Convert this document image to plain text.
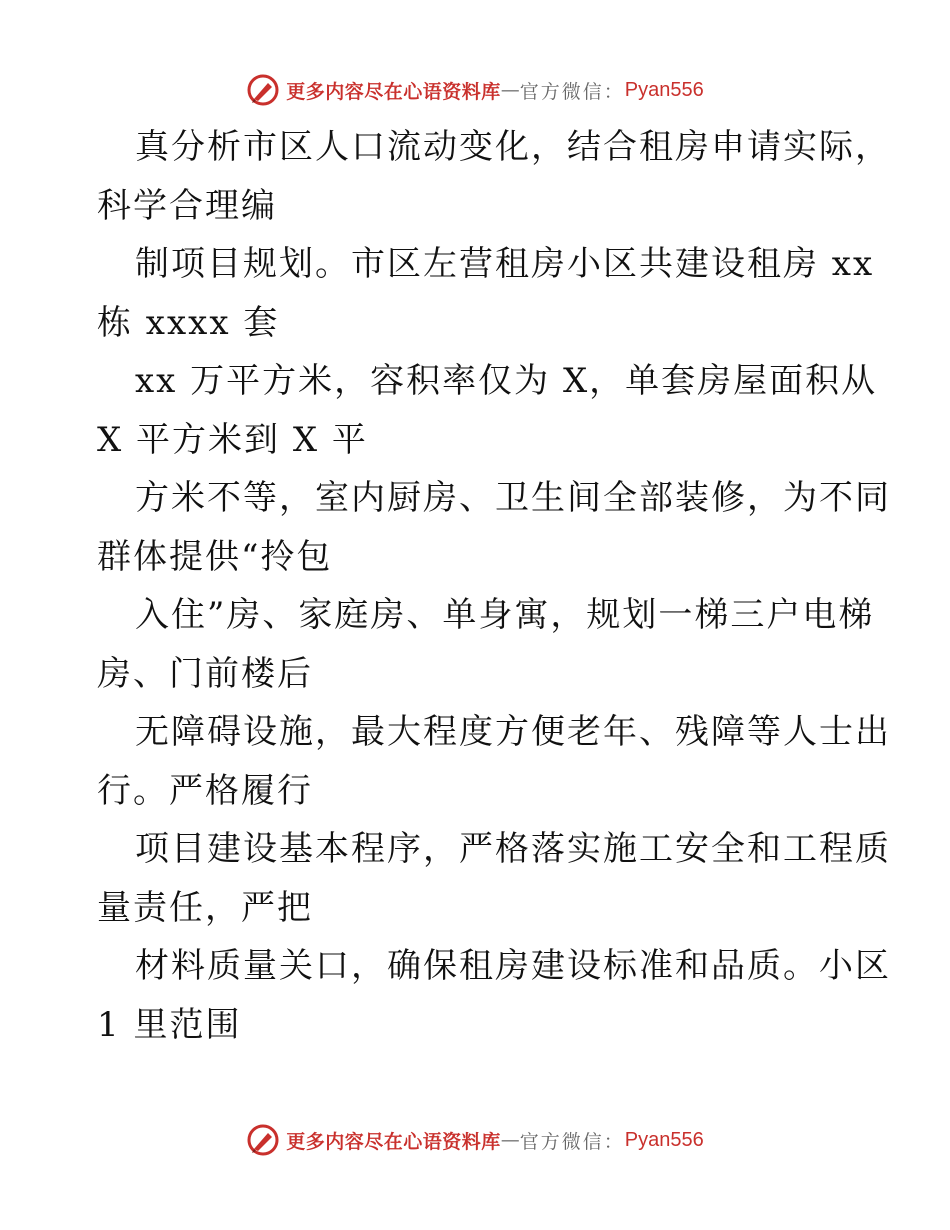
更多内容尽在心语资料库 — 官方微信： Pyan556
真分析市区人口流动变化，结合租房申请实际，
科学合理编
制项目规划。市区左营租房小区共建设租房 xx
栋 xxxx 套
xx 万平方米，容积率仅为 X，单套房屋面积从
X 平方米到 X 平
方米不等，室内厨房、卫生间全部装修，为不同
群体提供“拎包
入住”房、家庭房、单身寓，规划一梯三户电梯
房、门前楼后
无障碍设施，最大程度方便老年、残障等人士出
行。严格履行
项目建设基本程序，严格落实施工安全和工程质
量责任，严把
材料质量关口，确保租房建设标准和品质。小区
1 里范围
更多内容尽在心语资料库 — 官方微信： Pyan556
